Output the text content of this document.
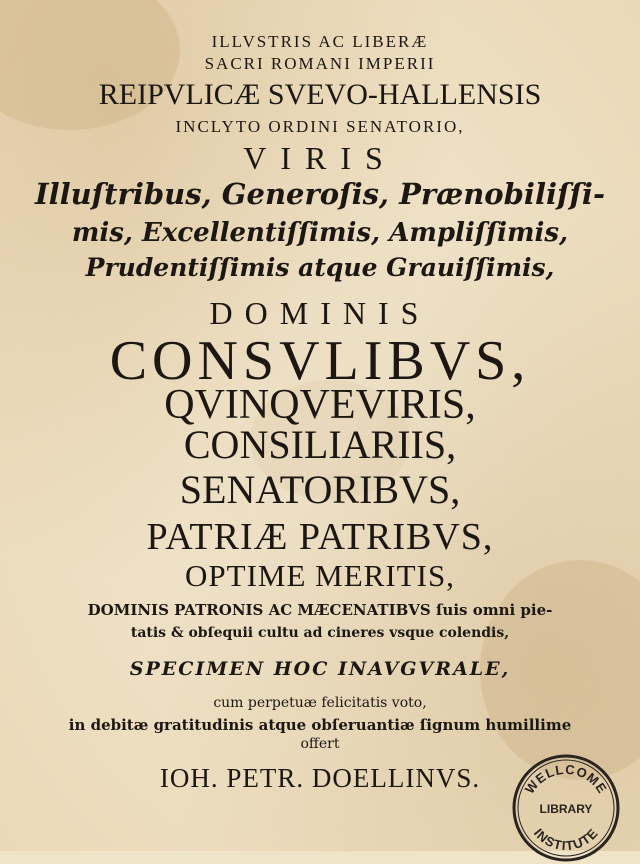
ILLVSTRIS AC LIBERÆ
SACRI ROMANI IMPERII
REIPVLICÆ SVEVO-HALLENSIS
INCLYTO ORDINI SENATORIO,
VIRIS
Illuſtribus, Generoſis, Prænobiliſſi-
mis, Excellentiſſimis, Ampliſſimis,
Prudentiſſimis atque Grauiſſimis,
DOMINIS
CONSVLIBVS,
QVINQVEVIRIS,
CONSILIARIIS,
SENATORIBVS,
PATRIÆ PATRIBVS,
OPTIME MERITIS,
DOMINIS PATRONIS AC MÆCENATIBVS ſuis omni pie-
tatis & obſequii cultu ad cineres vsque colendis,
SPECIMEN HOC INAVGVRALE,
cum perpetuæ felicitatis voto,
in debitæ gratitudinis atque obſeruantiæ ſignum humillime
offert
IOH. PETR. DOELLINVS.	WELLCOME
LIBRARY
INSTITUTE
